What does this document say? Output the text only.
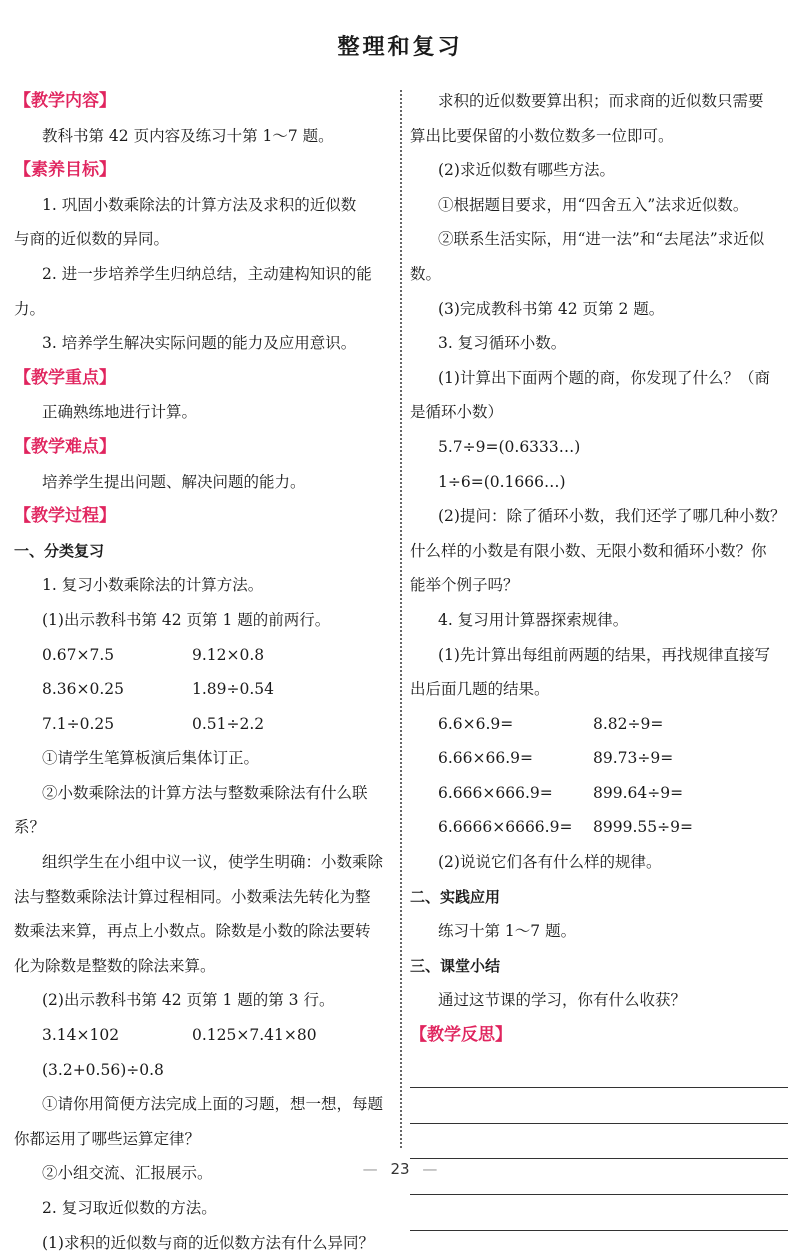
整理和复习
【教学内容】
教科书第 42 页内容及练习十第 1～7 题。
【素养目标】
1. 巩固小数乘除法的计算方法及求积的近似数
与商的近似数的异同。
2. 进一步培养学生归纳总结，主动建构知识的能
力。
3. 培养学生解决实际问题的能力及应用意识。
【教学重点】
正确熟练地进行计算。
【教学难点】
培养学生提出问题、解决问题的能力。
【教学过程】
一、分类复习
1. 复习小数乘除法的计算方法。
(1)出示教科书第 42 页第 1 题的前两行。
0.67×7.5	9.12×0.8
8.36×0.25	1.89÷0.54
7.1÷0.25	0.51÷2.2
①请学生笔算板演后集体订正。
②小数乘除法的计算方法与整数乘除法有什么联
系？
组织学生在小组中议一议，使学生明确：小数乘除
法与整数乘除法计算过程相同。小数乘法先转化为整
数乘法来算，再点上小数点。除数是小数的除法要转
化为除数是整数的除法来算。
(2)出示教科书第 42 页第 1 题的第 3 行。
3.14×102	0.125×7.41×80
(3.2+0.56)÷0.8
①请你用简便方法完成上面的习题，想一想，每题
你都运用了哪些运算定律？
②小组交流、汇报展示。
2. 复习取近似数的方法。
(1)求积的近似数与商的近似数方法有什么异同？
求积的近似数要算出积；而求商的近似数只需要
算出比要保留的小数位数多一位即可。
(2)求近似数有哪些方法。
①根据题目要求，用“四舍五入”法求近似数。
②联系生活实际，用“进一法”和“去尾法”求近似
数。
(3)完成教科书第 42 页第 2 题。
3. 复习循环小数。
(1)计算出下面两个题的商，你发现了什么？（商
是循环小数）
5.7÷9=(0.6333…)
1÷6=(0.1666…)
(2)提问：除了循环小数，我们还学了哪几种小数？
什么样的小数是有限小数、无限小数和循环小数？你
能举个例子吗？
4. 复习用计算器探索规律。
(1)先计算出每组前两题的结果，再找规律直接写
出后面几题的结果。
6.6×6.9=	8.82÷9=
6.66×66.9=	89.73÷9=
6.666×666.9=	899.64÷9=
6.6666×6666.9=	8999.55÷9=
(2)说说它们各有什么样的规律。
二、实践应用
练习十第 1～7 题。
三、课堂小结
通过这节课的学习，你有什么收获？
【教学反思】
— 23 —
